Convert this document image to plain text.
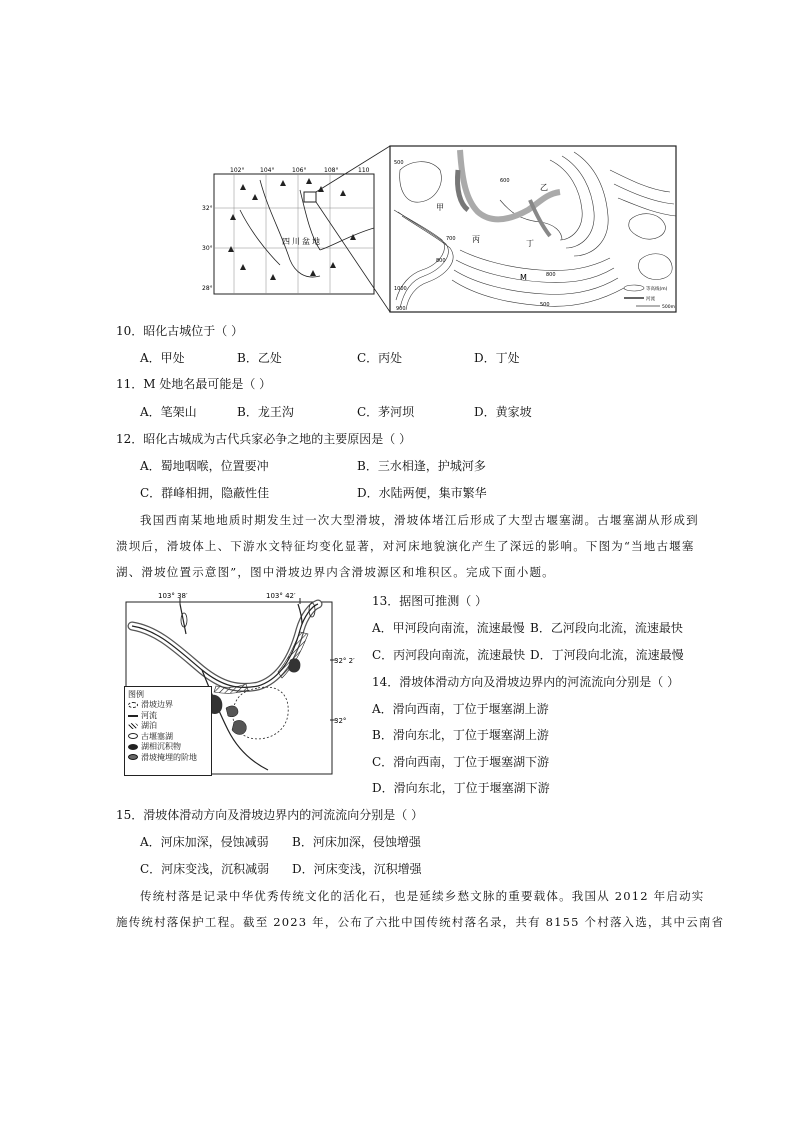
102°	104°	106°	108°	110
32°
30°
28°
四 川 盆 地
甲
乙
丙	丁
M
500
600
700
800
900
1000
800
500
等高线(m)
河流
500m
10．昭化古城位于（ ）
A．甲处	B．乙处	C．丙处	D．丁处
11．M 处地名最可能是（ ）
A．笔架山	B．龙王沟	C．茅河坝	D．黄家坡
12．昭化古城成为古代兵家必争之地的主要原因是（ ）
A．蜀地咽喉，位置要冲	B．三水相逢，护城河多
C．群峰相拥，隐蔽性佳	D．水陆两便，集市繁华
我国西南某地地质时期发生过一次大型滑坡，滑坡体堵江后形成了大型古堰塞湖。古堰塞湖从形成到
溃坝后，滑坡体上、下游水文特征均变化显著，对河床地貌演化产生了深远的影响。下图为“当地古堰塞
湖、滑坡位置示意图”，图中滑坡边界内含滑坡源区和堆积区。完成下面小题。
103° 38′	103° 42′
32° 2′
32°
图例
滑坡边界
河流
湖泊
古堰塞湖
湖相沉积物
滑坡掩埋的阶地
13．据图可推测（ ）
A．甲河段向南流，流速最慢 B．乙河段向北流，流速最快
C．丙河段向南流，流速最快 D．丁河段向北流，流速最慢
14．滑坡体滑动方向及滑坡边界内的河流流向分别是（ ）
A．滑向西南，丁位于堰塞湖上游
B．滑向东北，丁位于堰塞湖上游
C．滑向西南，丁位于堰塞湖下游
D．滑向东北，丁位于堰塞湖下游
15．滑坡体滑动方向及滑坡边界内的河流流向分别是（ ）
A．河床加深，侵蚀减弱 B．河床加深，侵蚀增强
C．河床变浅，沉积减弱 D．河床变浅，沉积增强
传统村落是记录中华优秀传统文化的活化石，也是延续乡愁文脉的重要载体。我国从 2012 年启动实
施传统村落保护工程。截至 2023 年，公布了六批中国传统村落名录，共有 8155 个村落入选，其中云南省
